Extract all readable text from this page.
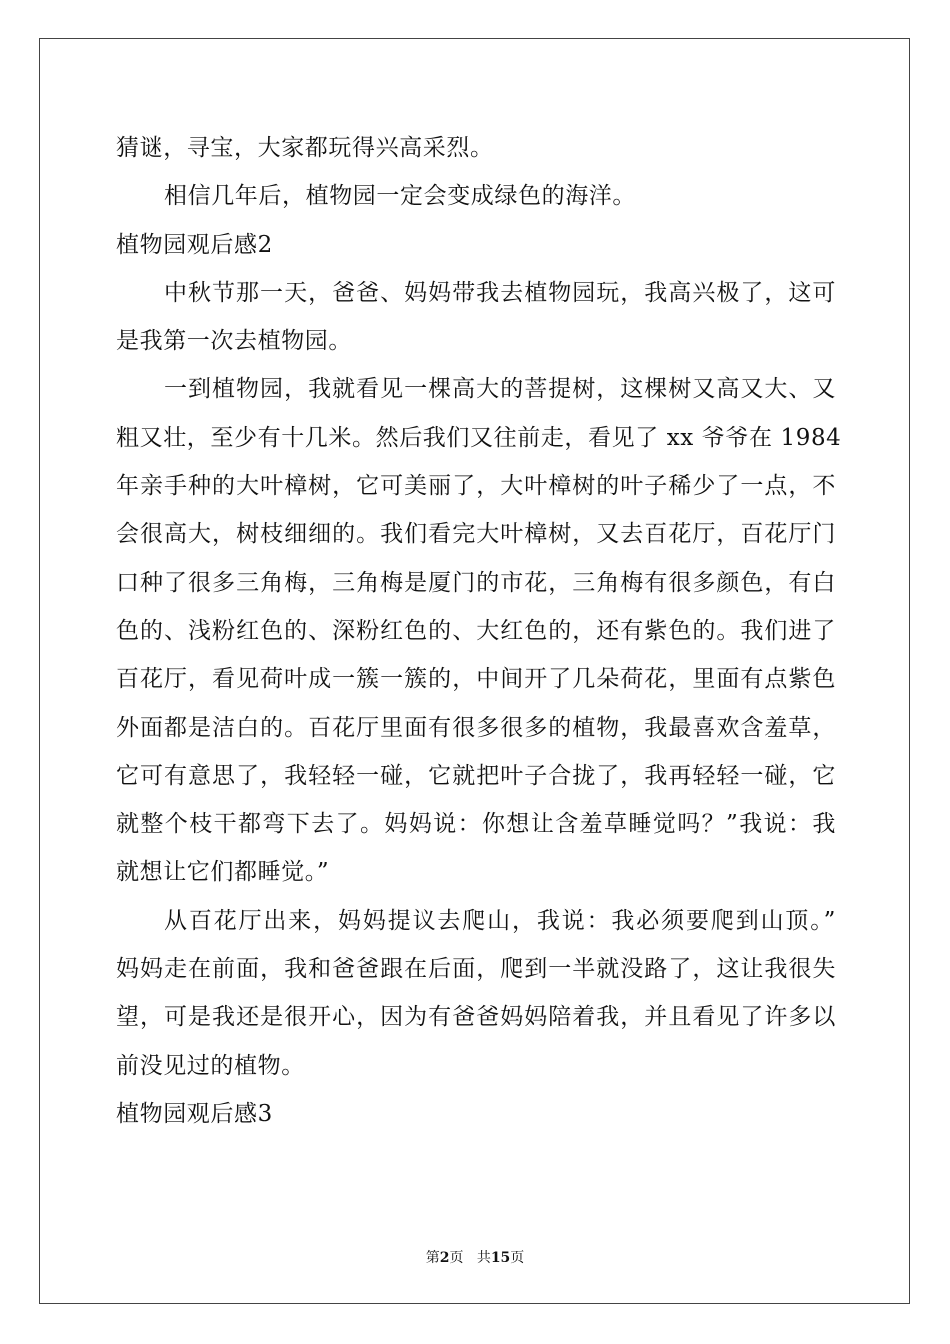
猜谜，寻宝，大家都玩得兴高采烈。
相信几年后，植物园一定会变成绿色的海洋。
植物园观后感2
中秋节那一天，爸爸、妈妈带我去植物园玩，我高兴极了，这可
是我第一次去植物园。
一到植物园，我就看见一棵高大的菩提树，这棵树又高又大、又
粗又壮，至少有十几米。然后我们又往前走，看见了 xx 爷爷在 1984
年亲手种的大叶樟树，它可美丽了，大叶樟树的叶子稀少了一点，不
会很高大，树枝细细的。我们看完大叶樟树，又去百花厅，百花厅门
口种了很多三角梅，三角梅是厦门的市花，三角梅有很多颜色，有白
色的、浅粉红色的、深粉红色的、大红色的，还有紫色的。我们进了
百花厅，看见荷叶成一簇一簇的，中间开了几朵荷花，里面有点紫色
外面都是洁白的。百花厅里面有很多很多的植物，我最喜欢含羞草，
它可有意思了，我轻轻一碰，它就把叶子合拢了，我再轻轻一碰，它
就整个枝干都弯下去了。妈妈说：你想让含羞草睡觉吗？”我说：我
就想让它们都睡觉。”
从百花厅出来，妈妈提议去爬山，我说：我必须要爬到山顶。”
妈妈走在前面，我和爸爸跟在后面，爬到一半就没路了，这让我很失
望，可是我还是很开心，因为有爸爸妈妈陪着我，并且看见了许多以
前没见过的植物。
植物园观后感3
第2页 共15页
